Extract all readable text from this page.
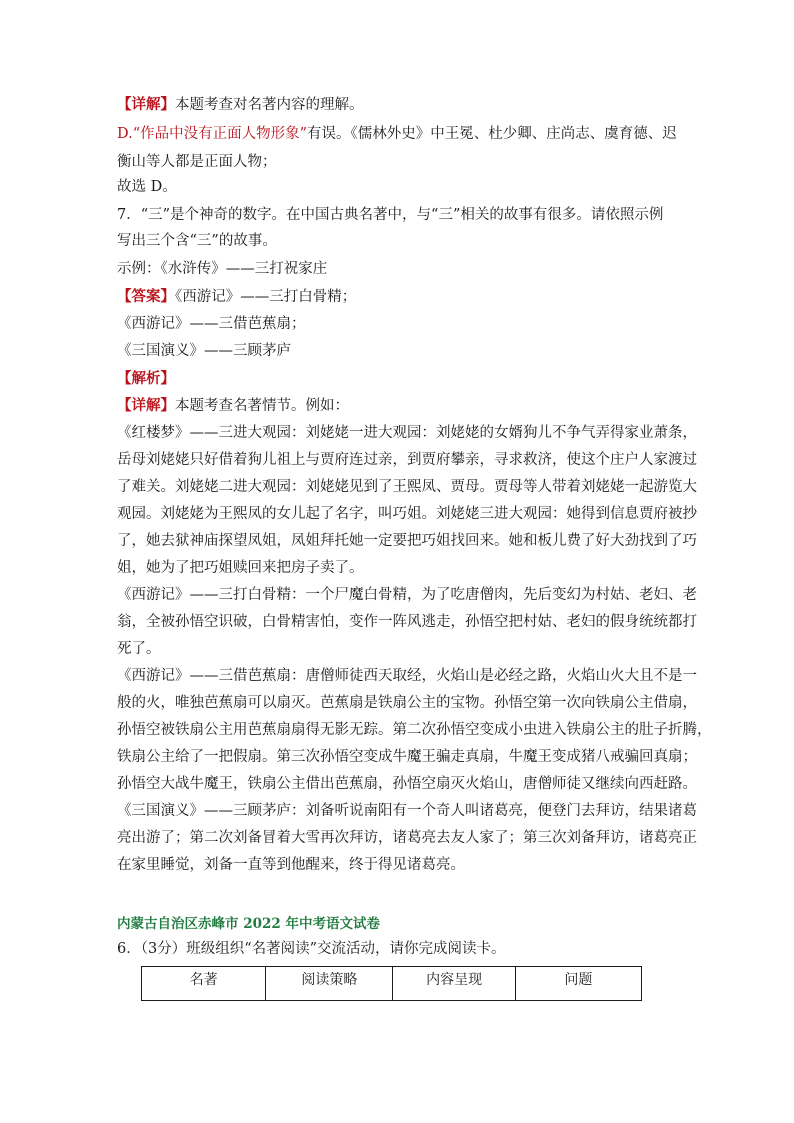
【详解】本题考查对名著内容的理解。
D.“作品中没有正面人物形象”有误。《儒林外史》中王冕、杜少卿、庄尚志、虞育德、迟
衡山等人都是正面人物；
故选 D。
7．“三”是个神奇的数字。在中国古典名著中，与“三”相关的故事有很多。请依照示例
写出三个含“三”的故事。
示例：《水浒传》——三打祝家庄
【答案】《西游记》——三打白骨精；
《西游记》——三借芭蕉扇；
《三国演义》——三顾茅庐
【解析】
【详解】本题考查名著情节。例如：
《红楼梦》——三进大观园：刘姥姥一进大观园：刘姥姥的女婿狗儿不争气弄得家业萧条，
岳母刘姥姥只好借着狗儿祖上与贾府连过亲，到贾府攀亲，寻求救济，使这个庄户人家渡过
了难关。刘姥姥二进大观园：刘姥姥见到了王熙凤、贾母。贾母等人带着刘姥姥一起游览大
观园。刘姥姥为王熙凤的女儿起了名字，叫巧姐。刘姥姥三进大观园：她得到信息贾府被抄
了，她去狱神庙探望凤姐，凤姐拜托她一定要把巧姐找回来。她和板儿费了好大劲找到了巧
姐，她为了把巧姐赎回来把房子卖了。
《西游记》——三打白骨精：一个尸魔白骨精，为了吃唐僧肉，先后变幻为村姑、老妇、老
翁，全被孙悟空识破，白骨精害怕，变作一阵风逃走，孙悟空把村姑、老妇的假身统统都打
死了。
《西游记》——三借芭蕉扇：唐僧师徒西天取经，火焰山是必经之路，火焰山火大且不是一
般的火，唯独芭蕉扇可以扇灭。芭蕉扇是铁扇公主的宝物。孙悟空第一次向铁扇公主借扇，
孙悟空被铁扇公主用芭蕉扇扇得无影无踪。第二次孙悟空变成小虫进入铁扇公主的肚子折腾，
铁扇公主给了一把假扇。第三次孙悟空变成牛魔王骗走真扇，牛魔王变成猪八戒骗回真扇；
孙悟空大战牛魔王，铁扇公主借出芭蕉扇，孙悟空扇灭火焰山，唐僧师徒又继续向西赶路。
《三国演义》——三顾茅庐：刘备听说南阳有一个奇人叫诸葛亮，便登门去拜访，结果诸葛
亮出游了；第二次刘备冒着大雪再次拜访，诸葛亮去友人家了；第三次刘备拜访，诸葛亮正
在家里睡觉，刘备一直等到他醒来，终于得见诸葛亮。
内蒙古自治区赤峰市 2022 年中考语文试卷
6．（3分）班级组织“名著阅读”交流活动，请你完成阅读卡。
名著	阅读策略	内容呈现	问题
